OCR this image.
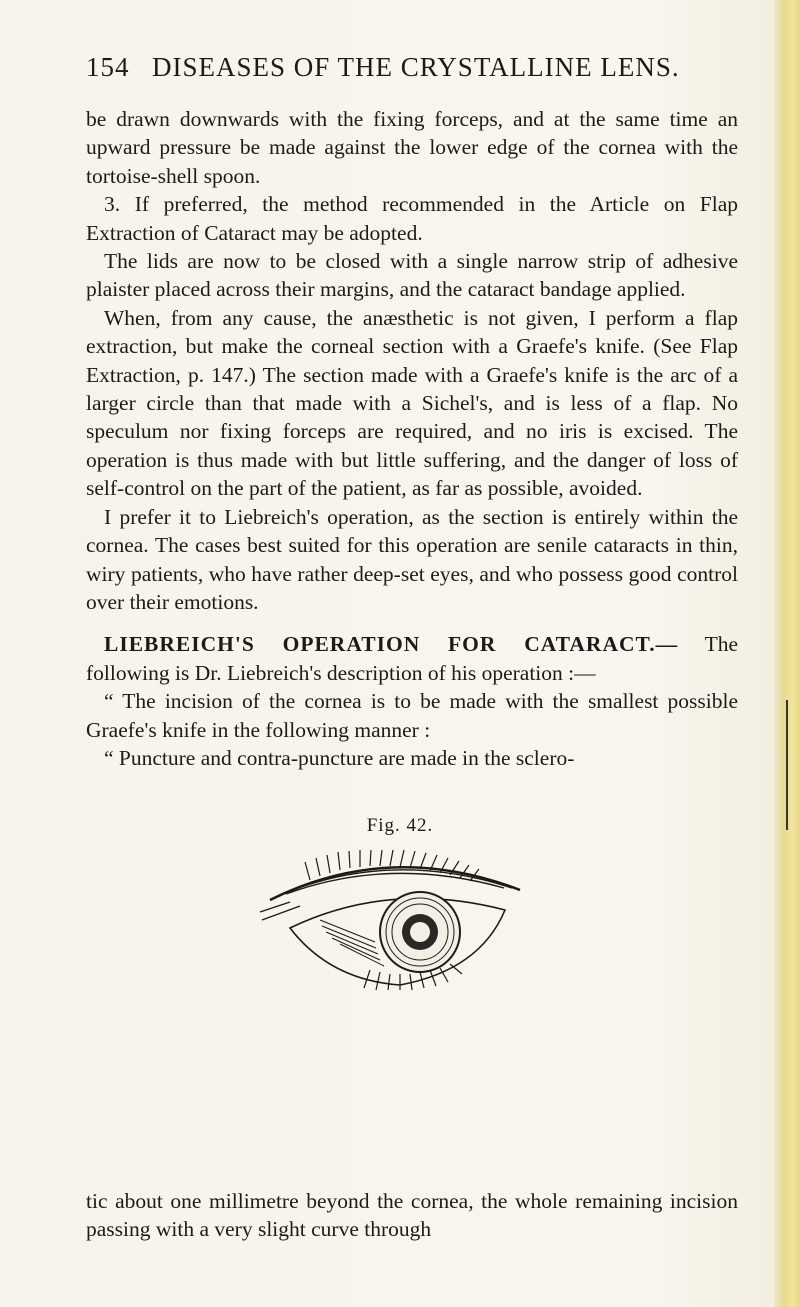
154 DISEASES OF THE CRYSTALLINE LENS.

be drawn downwards with the fixing forceps, and at the same time an upward pressure be made against the lower edge of the cornea with the tortoise-shell spoon.

3. If preferred, the method recommended in the Article on Flap Extraction of Cataract may be adopted.

The lids are now to be closed with a single narrow strip of adhesive plaister placed across their margins, and the cataract bandage applied.

When, from any cause, the anæsthetic is not given, I perform a flap extraction, but make the corneal section with a Graefe's knife. (See Flap Extraction, p. 147.) The section made with a Graefe's knife is the arc of a larger circle than that made with a Sichel's, and is less of a flap. No speculum nor fixing forceps are required, and no iris is excised. The operation is thus made with but little suffering, and the danger of loss of self-control on the part of the patient, as far as possible, avoided.

I prefer it to Liebreich's operation, as the section is entirely within the cornea. The cases best suited for this operation are senile cataracts in thin, wiry patients, who have rather deep-set eyes, and who possess good control over their emotions.

LIEBREICH'S OPERATION FOR CATARACT.— The following is Dr. Liebreich's description of his operation :—

“ The incision of the cornea is to be made with the smallest possible Graefe's knife in the following manner :

“ Puncture and contra-puncture are made in the sclero-

Fig. 42.

tic about one millimetre beyond the cornea, the whole remaining incision passing with a very slight curve through
